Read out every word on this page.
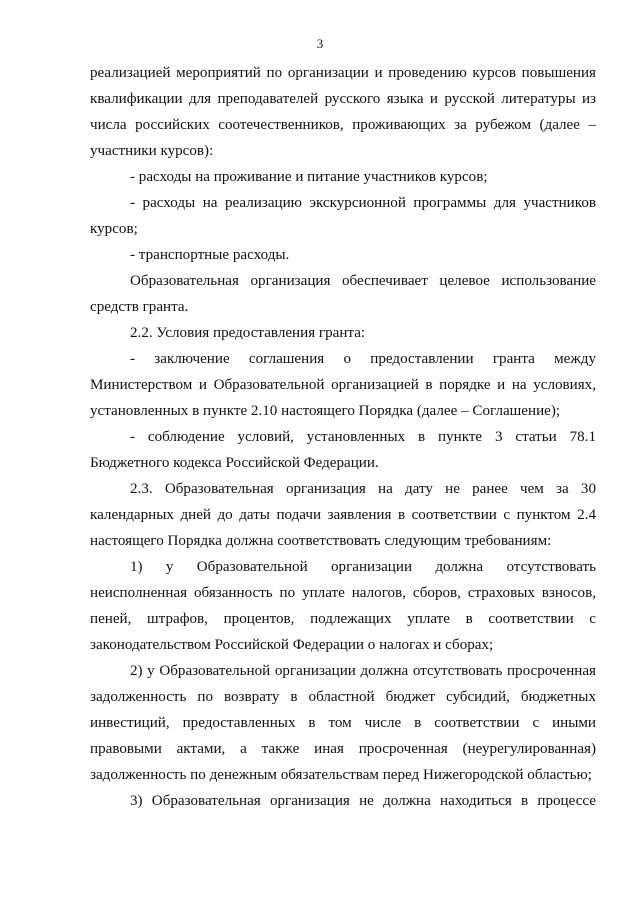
3

реализацией мероприятий по организации и проведению курсов повышения квалификации для преподавателей русского языка и русской литературы из числа российских соотечественников, проживающих за рубежом (далее – участники курсов):

- расходы на проживание и питание участников курсов;

- расходы на реализацию экскурсионной программы для участников курсов;

- транспортные расходы.

Образовательная организация обеспечивает целевое использование средств гранта.

2.2. Условия предоставления гранта:

- заключение соглашения о предоставлении гранта между Министерством и Образовательной организацией в порядке и на условиях, установленных в пункте 2.10 настоящего Порядка (далее – Соглашение);

- соблюдение условий, установленных в пункте 3 статьи 78.1 Бюджетного кодекса Российской Федерации.

2.3. Образовательная организация на дату не ранее чем за 30 календарных дней до даты подачи заявления в соответствии с пунктом 2.4 настоящего Порядка должна соответствовать следующим требованиям:

1) у Образовательной организации должна отсутствовать неисполненная обязанность по уплате налогов, сборов, страховых взносов, пеней, штрафов, процентов, подлежащих уплате в соответствии с законодательством Российской Федерации о налогах и сборах;

2) у Образовательной организации должна отсутствовать просроченная задолженность по возврату в областной бюджет субсидий, бюджетных инвестиций, предоставленных в том числе в соответствии с иными правовыми актами, а также иная просроченная (неурегулированная) задолженность по денежным обязательствам перед Нижегородской областью;

3) Образовательная организация не должна находиться в процессе
